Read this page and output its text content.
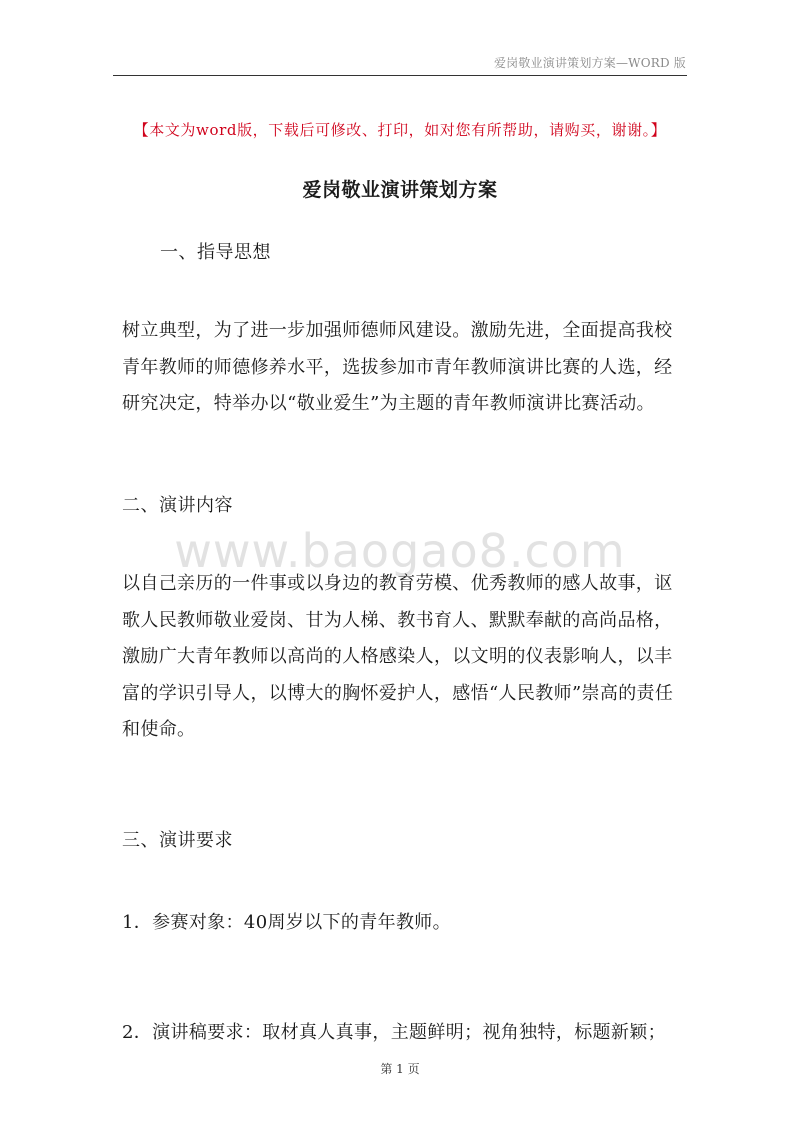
爱岗敬业演讲策划方案—WORD 版
【本文为word版，下载后可修改、打印，如对您有所帮助，请购买，谢谢。】
爱岗敬业演讲策划方案
一、指导思想

树立典型，为了进一步加强师德师风建设。激励先进，全面提高我校青年教师的师德修养水平，选拔参加市青年教师演讲比赛的人选，经研究决定，特举办以“敬业爱生”为主题的青年教师演讲比赛活动。

二、演讲内容
www.baogao8.com

以自己亲历的一件事或以身边的教育劳模、优秀教师的感人故事，讴歌人民教师敬业爱岗、甘为人梯、教书育人、默默奉献的高尚品格，激励广大青年教师以高尚的人格感染人，以文明的仪表影响人，以丰富的学识引导人，以博大的胸怀爱护人，感悟“人民教师”崇高的责任和使命。

三、演讲要求

1．参赛对象：40周岁以下的青年教师。

2．演讲稿要求：取材真人真事，主题鲜明；视角独特，标题新颖；

第 1 页
